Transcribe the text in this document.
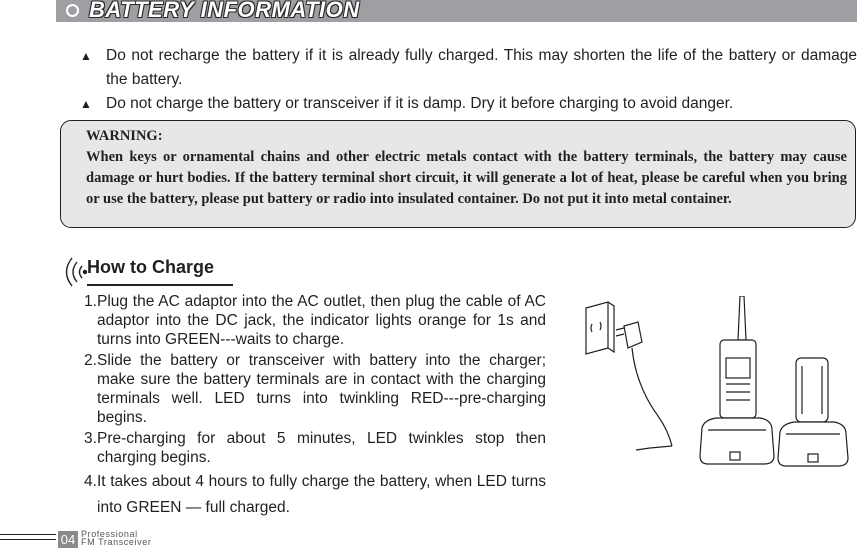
BATTERY INFORMATION
▲ Do not recharge the battery if it is already fully charged. This may shorten the life of the battery or damage the battery.
▲ Do not charge the battery or transceiver if it is damp. Dry it before charging to avoid danger.
WARNING:
When keys or ornamental chains and other electric metals contact with the battery terminals, the battery may cause damage or hurt bodies. If the battery terminal short circuit, it will generate a lot of heat, please be careful when you bring or use the battery, please put battery or radio into insulated container. Do not put it into metal container.
How to Charge
1. Plug the AC adaptor into the AC outlet, then plug the cable of AC adaptor into the DC jack, the indicator lights orange for 1s and turns into GREEN---waits to charge.
2. Slide the battery or transceiver with battery into the charger; make sure the battery terminals are in contact with the charging terminals well. LED turns into twinkling RED---pre-charging begins.
3. Pre-charging for about 5 minutes, LED twinkles stop then charging begins.
4. It takes about 4 hours to fully charge the battery, when LED turns into GREEN — full charged.
04 Professional
FM Transceiver
